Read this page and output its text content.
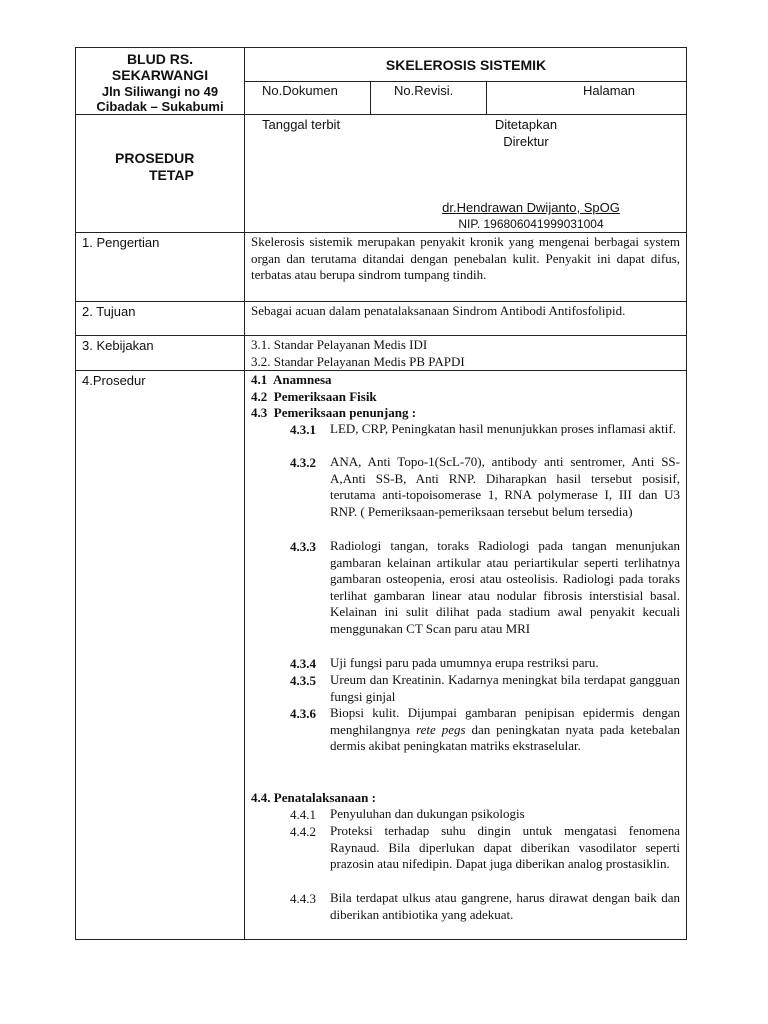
BLUD RS. SEKARWANGI
Jln Siliwangi no 49
Cibadak – Sukabumi
SKELEROSIS SISTEMIK
No.Dokumen	No.Revisi.	Halaman
PROSEDUR
TETAP
Tanggal terbit	Ditetapkan
Direktur
dr.Hendrawan Dwijanto, SpOG
NIP. 196806041999031004
1. Pengertian	Skelerosis sistemik merupakan penyakit kronik yang mengenai berbagai system organ dan terutama ditandai dengan penebalan kulit. Penyakit ini dapat difus, terbatas atau berupa sindrom tumpang tindih.
2. Tujuan	Sebagai acuan dalam penatalaksanaan Sindrom Antibodi Antifosfolipid.
3. Kebijakan	3.1. Standar Pelayanan Medis IDI
3.2. Standar Pelayanan Medis PB PAPDI
4.Prosedur	4.1  Anamnesa
4.2  Pemeriksaan Fisik
4.3  Pemeriksaan penunjang :
4.3.1 LED, CRP, Peningkatan hasil menunjukkan proses inflamasi aktif.
4.3.2 ANA, Anti Topo-1(ScL-70), antibody anti sentromer, Anti SS-A,Anti SS-B, Anti RNP. Diharapkan hasil tersebut posisif, terutama anti-topoisomerase 1, RNA polymerase I, III dan U3 RNP. ( Pemeriksaan-pemeriksaan tersebut belum tersedia)
4.3.3 Radiologi tangan, toraks Radiologi pada tangan menunjukan gambaran kelainan artikular atau periartikular seperti terlihatnya gambaran osteopenia, erosi atau osteolisis. Radiologi pada toraks terlihat gambaran linear atau nodular fibrosis interstisial basal. Kelainan ini sulit dilihat pada stadium awal penyakit kecuali menggunakan CT Scan paru atau MRI
4.3.4 Uji fungsi paru pada umumnya erupa restriksi paru.
4.3.5 Ureum dan Kreatinin. Kadarnya meningkat bila terdapat gangguan fungsi ginjal
4.3.6 Biopsi kulit. Dijumpai gambaran penipisan epidermis dengan menghilangnya rete pegs dan peningkatan nyata pada ketebalan dermis akibat peningkatan matriks ekstraselular.
4.4. Penatalaksanaan :
4.4.1 Penyuluhan dan dukungan psikologis
4.4.2 Proteksi terhadap suhu dingin untuk mengatasi fenomena Raynaud. Bila diperlukan dapat diberikan vasodilator seperti prazosin atau nifedipin. Dapat juga diberikan analog prostasiklin.
4.4.3 Bila terdapat ulkus atau gangrene, harus dirawat dengan baik dan diberikan antibiotika yang adekuat.
